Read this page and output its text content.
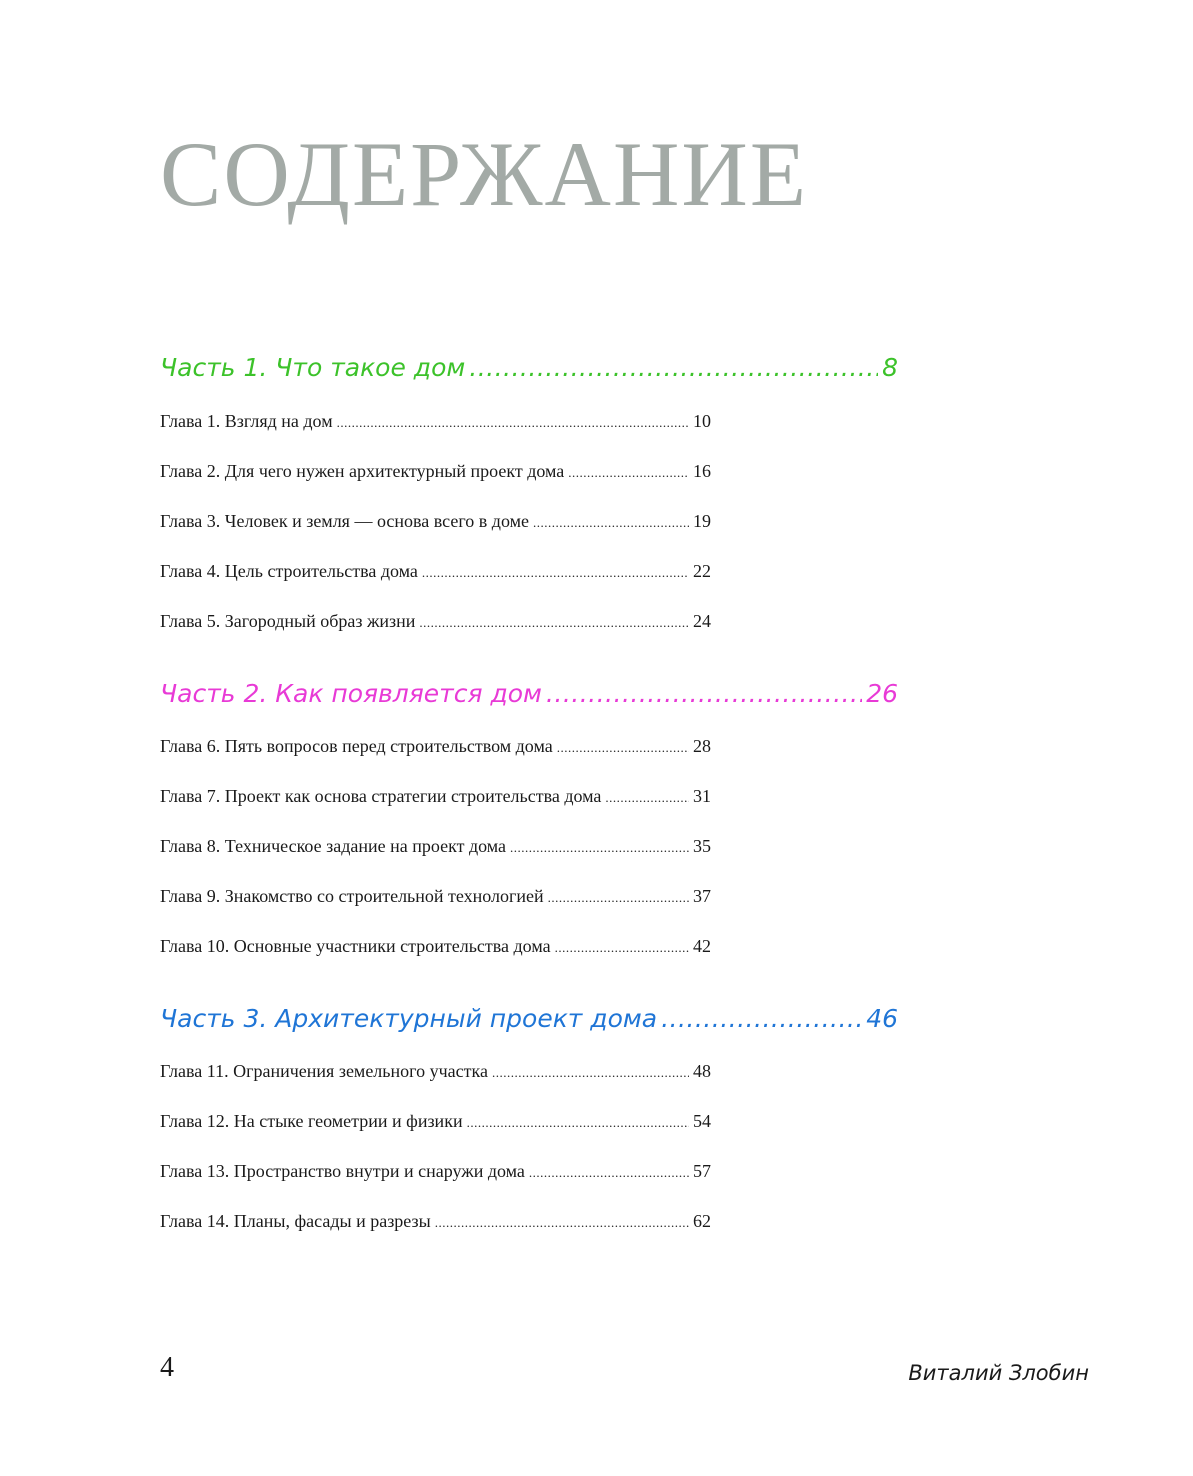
СОДЕРЖАНИЕ
Часть 1. Что такое дом .....	8
Глава 1. Взгляд на дом .....	10
Глава 2. Для чего нужен архитектурный проект дома .....	16
Глава 3. Человек и земля — основа всего в доме .....	19
Глава 4. Цель строительства дома .....	22
Глава 5. Загородный образ жизни .....	24
Часть 2. Как появляется дом .....	26
Глава 6. Пять вопросов перед строительством дома .....	28
Глава 7. Проект как основа стратегии строительства дома .....	31
Глава 8. Техническое задание на проект дома .....	35
Глава 9. Знакомство со строительной технологией .....	37
Глава 10. Основные участники строительства дома .....	42
Часть 3. Архитектурный проект дома .....	46
Глава 11. Ограничения земельного участка .....	48
Глава 12. На стыке геометрии и физики .....	54
Глава 13. Пространство внутри и снаружи дома .....	57
Глава 14. Планы, фасады и разрезы .....	62
4	Виталий Злобин
